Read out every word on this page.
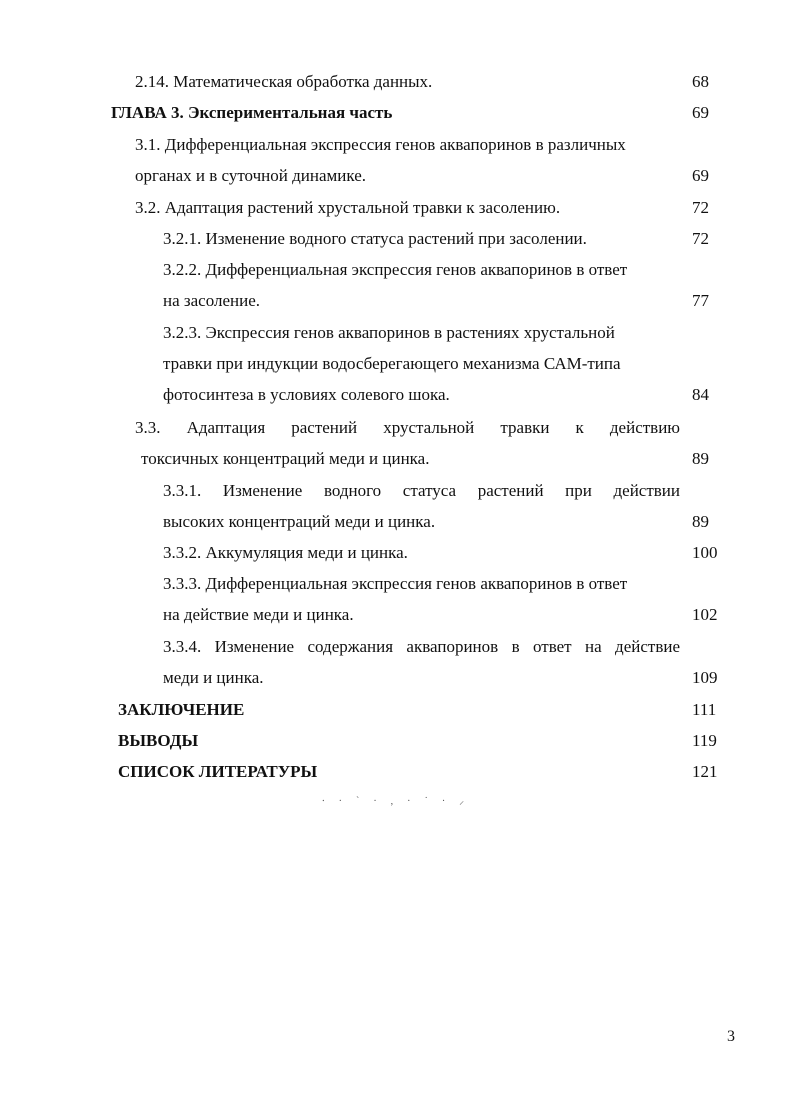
2.14. Математическая обработка данных.	68
ГЛАВА 3. Экспериментальная часть	69
3.1. Дифференциальная экспрессия генов аквапоринов в различных
органах и в суточной динамике.	69
3.2. Адаптация растений хрустальной травки к засолению.	72
3.2.1. Изменение водного статуса растений при засолении.	72
3.2.2. Дифференциальная экспрессия генов аквапоринов в ответ
на засоление.	77
3.2.3. Экспрессия генов аквапоринов в растениях хрустальной
травки при индукции водосберегающего механизма САМ-типа
фотосинтеза в условиях солевого шока.	84
3.3. Адаптация растений хрустальной травки к действию
токсичных концентраций меди и цинка.	89
3.3.1. Изменение водного статуса растений при действии
высоких концентраций меди и цинка.	89
3.3.2. Аккумуляция меди и цинка.	100
3.3.3. Дифференциальная экспрессия генов аквапоринов в ответ
на действие меди и цинка.	102
3.3.4. Изменение содержания аквапоринов в ответ на действие
меди и цинка.	109
ЗАКЛЮЧЕНИЕ	111
ВЫВОДЫ	119
СПИСОК ЛИТЕРАТУРЫ	121
⸱·`·,·˙·⸝
3
